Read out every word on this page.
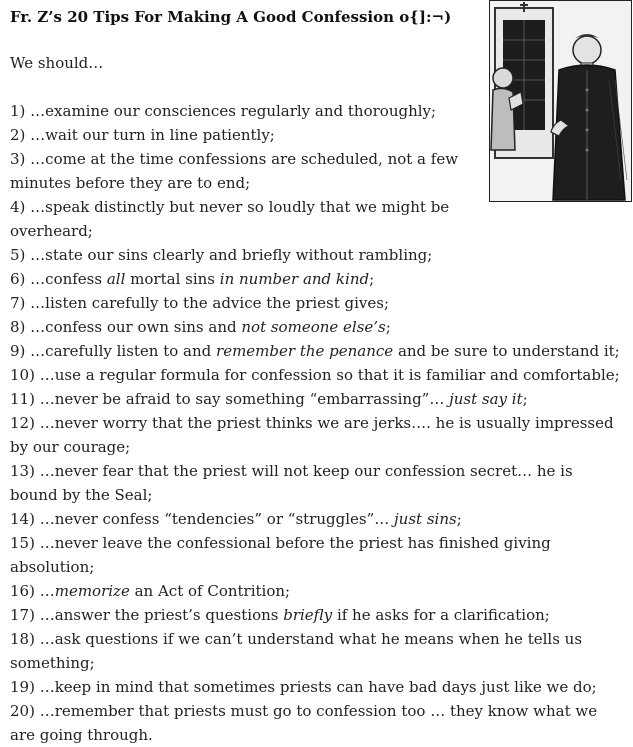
Fr. Z’s 20 Tips For Making A Good Confession o{]:¬)

We should…

1) …examine our consciences regularly and thoroughly;
2) …wait our turn in line patiently;
3) …come at the time confessions are scheduled, not a few minutes before they are to end;
4) …speak distinctly but never so loudly that we might be overheard;
5) …state our sins clearly and briefly without rambling;
6) …confess all mortal sins in number and kind;
7) …listen carefully to the advice the priest gives;
8) …confess our own sins and not someone else’s;
9) …carefully listen to and remember the penance and be sure to understand it;
10) …use a regular formula for confession so that it is familiar and comfortable;
11) …never be afraid to say something “embarrassing”… just say it;
12) …never worry that the priest thinks we are jerks…. he is usually impressed by our courage;
13) …never fear that the priest will not keep our confession secret… he is bound by the Seal;
14) …never confess “tendencies” or “struggles”… just sins;
15) …never leave the confessional before the priest has finished giving absolution;
16) …memorize an Act of Contrition;
17) …answer the priest’s questions briefly if he asks for a clarification;
18) …ask questions if we can’t understand what he means when he tells us something;
19) …keep in mind that sometimes priests can have bad days just like we do;
20) …remember that priests must go to confession too … they know what we are going through.
